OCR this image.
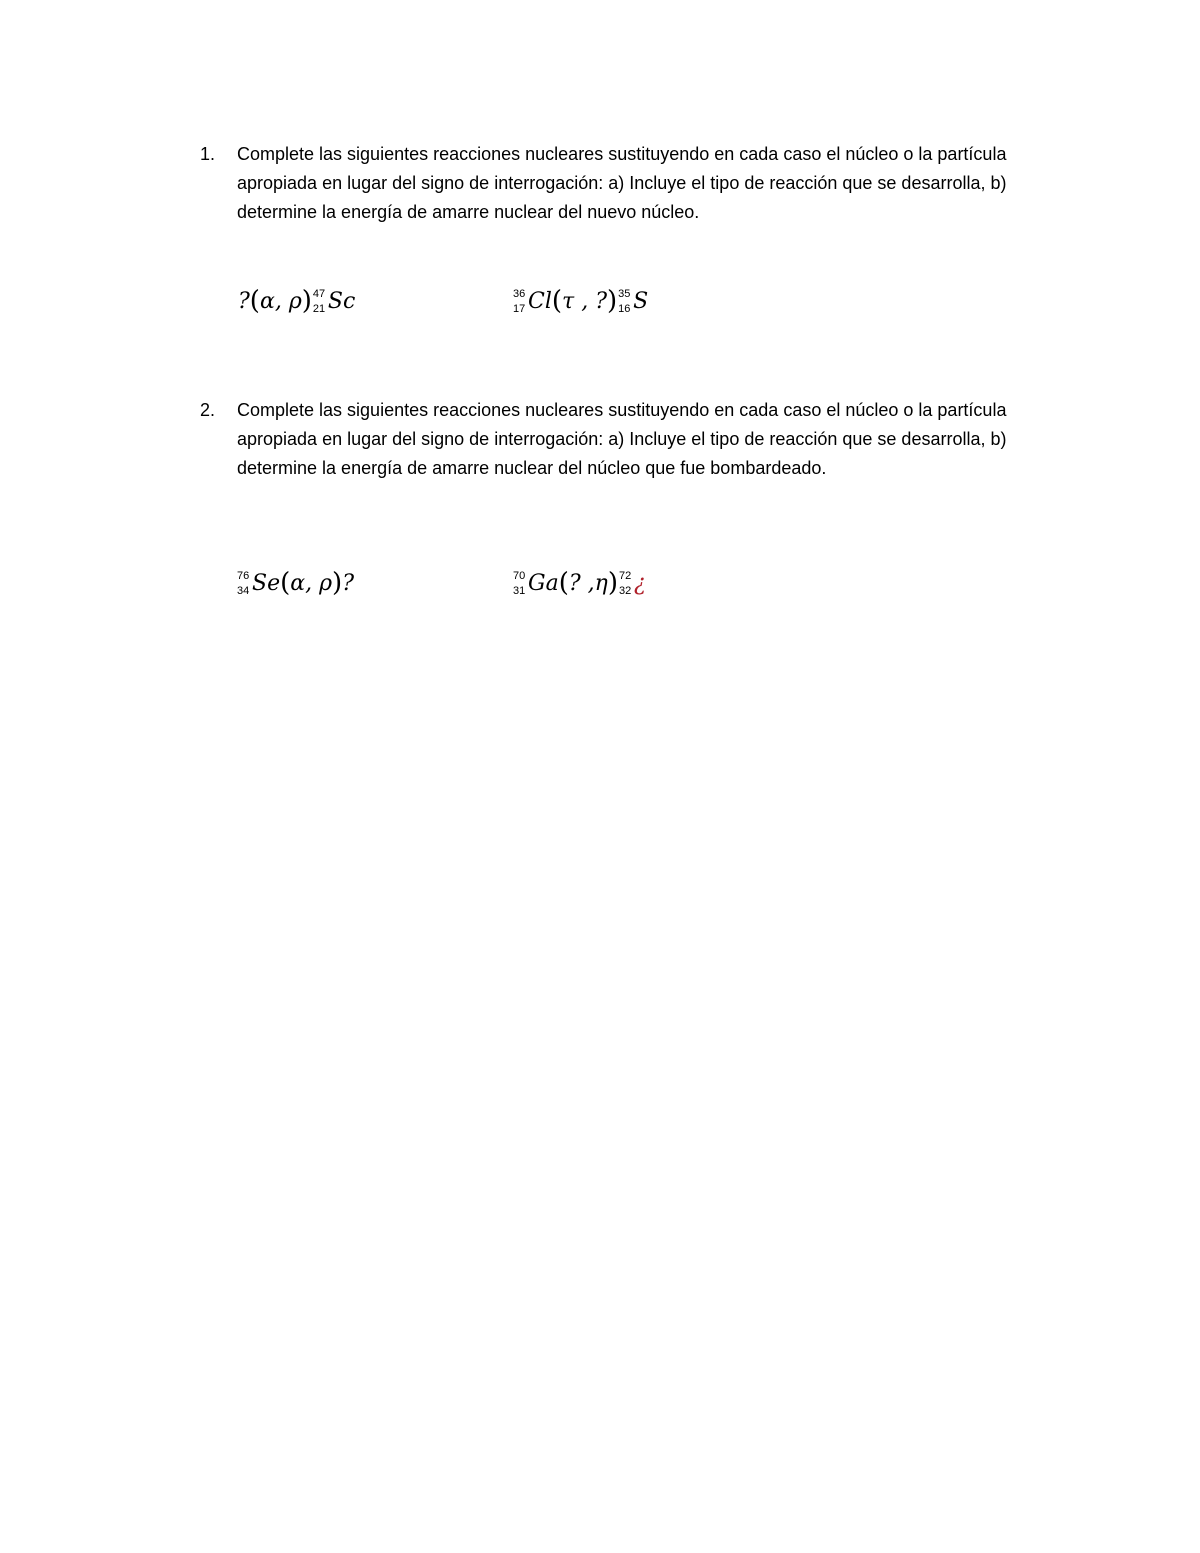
1. Complete las siguientes reacciones nucleares sustituyendo en cada caso el núcleo o la partícula apropiada en lugar del signo de interrogación: a) Incluye el tipo de reacción que se desarrolla, b) determine la energía de amarre nuclear del nuevo núcleo.
?(α, ρ) 47
21 Sc	36
17 Cl(τ , ?) 35
16 S
2. Complete las siguientes reacciones nucleares sustituyendo en cada caso el núcleo o la partícula apropiada en lugar del signo de interrogación: a) Incluye el tipo de reacción que se desarrolla, b) determine la energía de amarre nuclear del núcleo que fue bombardeado.
76
34 Se(α, ρ)?	70
31 Ga(? ,η) 72
32 ¿
